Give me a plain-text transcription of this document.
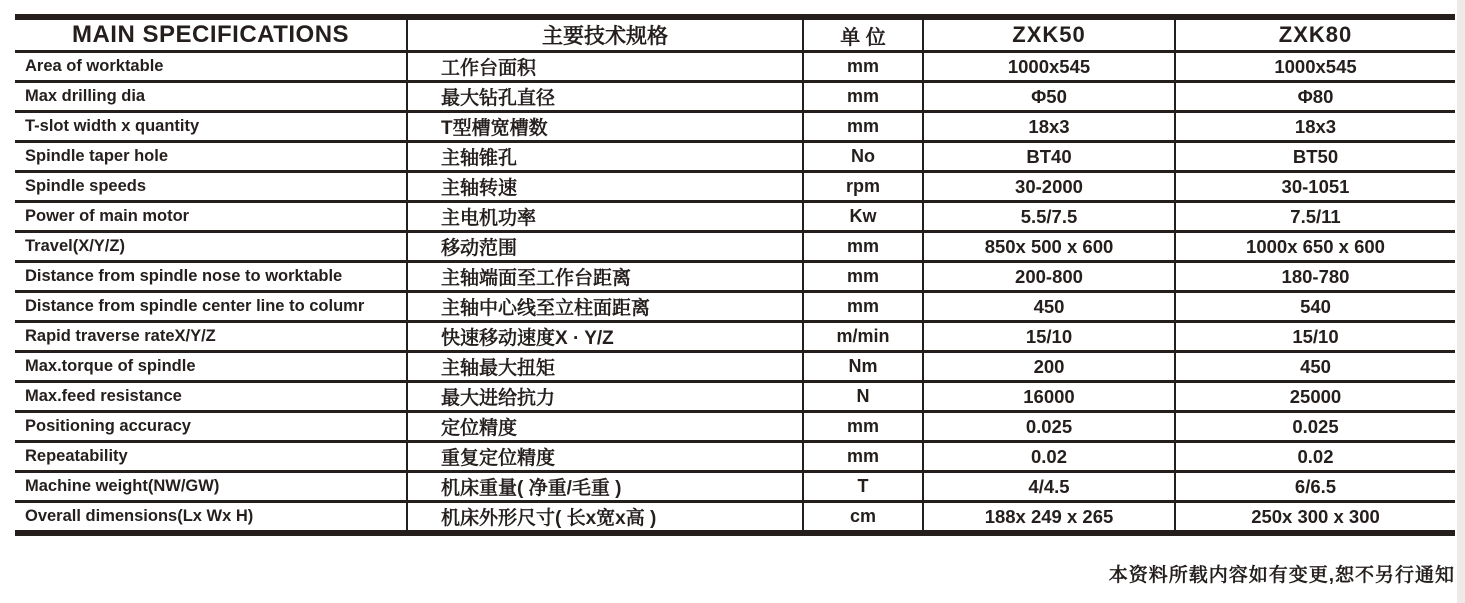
MAIN SPECIFICATIONS	主要技术规格	单 位	ZXK50	ZXK80
Area of worktable	工作台面积	mm	1000x545	1000x545
Max drilling dia	最大钻孔直径	mm	Φ50	Φ80
T-slot width x quantity	T型槽宽槽数	mm	18x3	18x3
Spindle taper hole	主轴锥孔	No	BT40	BT50
Spindle speeds	主轴转速	rpm	30-2000	30-1051
Power of main motor	主电机功率	Kw	5.5/7.5	7.5/11
Travel(X/Y/Z)	移动范围	mm	850x 500 x 600	1000x 650 x 600
Distance from spindle nose to worktable	主轴端面至工作台距离	mm	200-800	180-780
Distance from spindle center line to columr	主轴中心线至立柱面距离	mm	450	540
Rapid traverse rateX/Y/Z	快速移动速度X · Y/Z	m/min	15/10	15/10
Max.torque of spindle	主轴最大扭矩	Nm	200	450
Max.feed resistance	最大进给抗力	N	16000	25000
Positioning accuracy	定位精度	mm	0.025	0.025
Repeatability	重复定位精度	mm	0.02	0.02
Machine weight(NW/GW)	机床重量( 净重/毛重 )	T	4/4.5	6/6.5
Overall dimensions(Lx Wx H)	机床外形尺寸( 长x宽x高 )	cm	188x 249 x 265	250x 300 x 300
本资料所载内容如有变更,恕不另行通知
